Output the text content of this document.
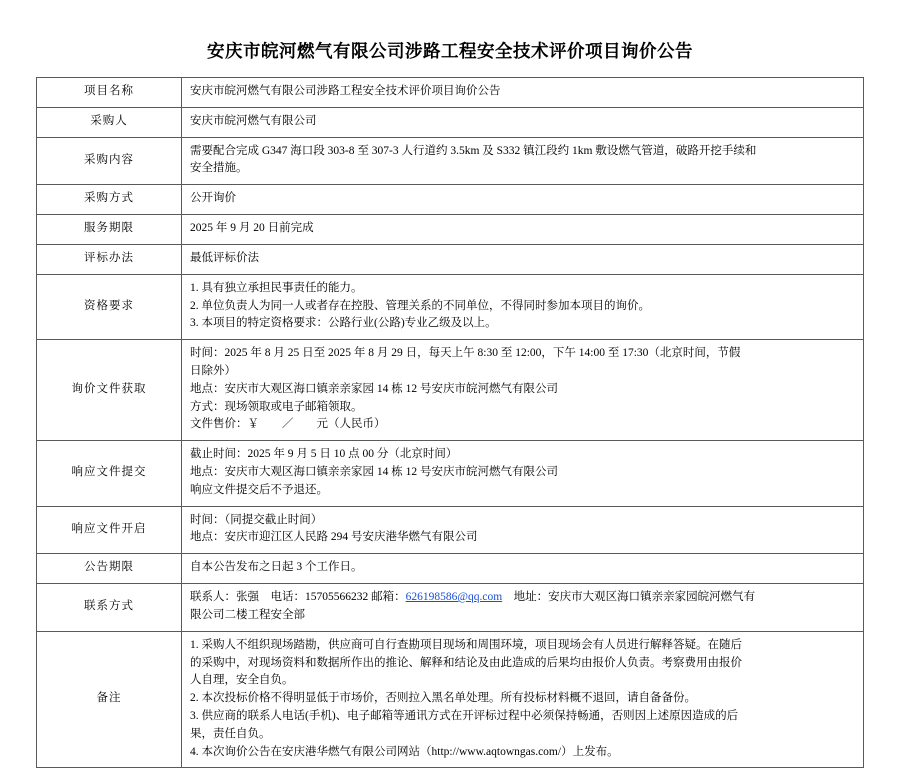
安庆市皖河燃气有限公司涉路工程安全技术评价项目询价公告
项目名称	安庆市皖河燃气有限公司涉路工程安全技术评价项目询价公告

采购人	安庆市皖河燃气有限公司

采购内容	需要配合完成 G347 海口段 303-8 至 307-3 人行道约 3.5km 及 S332 镇江段约 1km 敷设燃气管道，破路开挖手续和
安全措施。

采购方式	公开询价

服务期限	2025 年 9 月 20 日前完成

评标办法	最低评标价法

资格要求	1. 具有独立承担民事责任的能力。
2. 单位负责人为同一人或者存在控股、管理关系的不同单位，不得同时参加本项目的询价。
3. 本项目的特定资格要求：公路行业(公路)专业乙级及以上。

询价文件获取	时间：2025 年 8 月 25 日至 2025 年 8 月 29 日，每天上午 8:30 至 12:00，下午 14:00 至 17:30（北京时间，节假
日除外）
地点：安庆市大观区海口镇亲亲家园 14 栋 12 号安庆市皖河燃气有限公司
方式：现场领取或电子邮箱领取。
文件售价：￥　　／　　元（人民币）

响应文件提交	截止时间：2025 年 9 月 5 日 10 点 00 分（北京时间）
地点：安庆市大观区海口镇亲亲家园 14 栋 12 号安庆市皖河燃气有限公司
响应文件提交后不予退还。

响应文件开启	时间：（同提交截止时间）
地点：安庆市迎江区人民路 294 号安庆港华燃气有限公司

公告期限	自本公告发布之日起 3 个工作日。

联系方式	联系人：张强　电话：15705566232 邮箱：626198586@qq.com　地址：安庆市大观区海口镇亲亲家园皖河燃气有
限公司二楼工程安全部

备注	
1. 采购人不组织现场踏勘，供应商可自行查勘项目现场和周围环境，项目现场会有人员进行解释答疑。在随后
的采购中，对现场资料和数据所作出的推论、解释和结论及由此造成的后果均由报价人负责。考察费用由报价
人自理，安全自负。
2. 本次投标价格不得明显低于市场价，否则拉入黑名单处理。所有投标材料概不退回，请自备备份。
3. 供应商的联系人电话(手机)、电子邮箱等通讯方式在开评标过程中必须保持畅通，否则因上述原因造成的后
果，责任自负。
4. 本次询价公告在安庆港华燃气有限公司网站（http://www.aqtowngas.com/）上发布。
